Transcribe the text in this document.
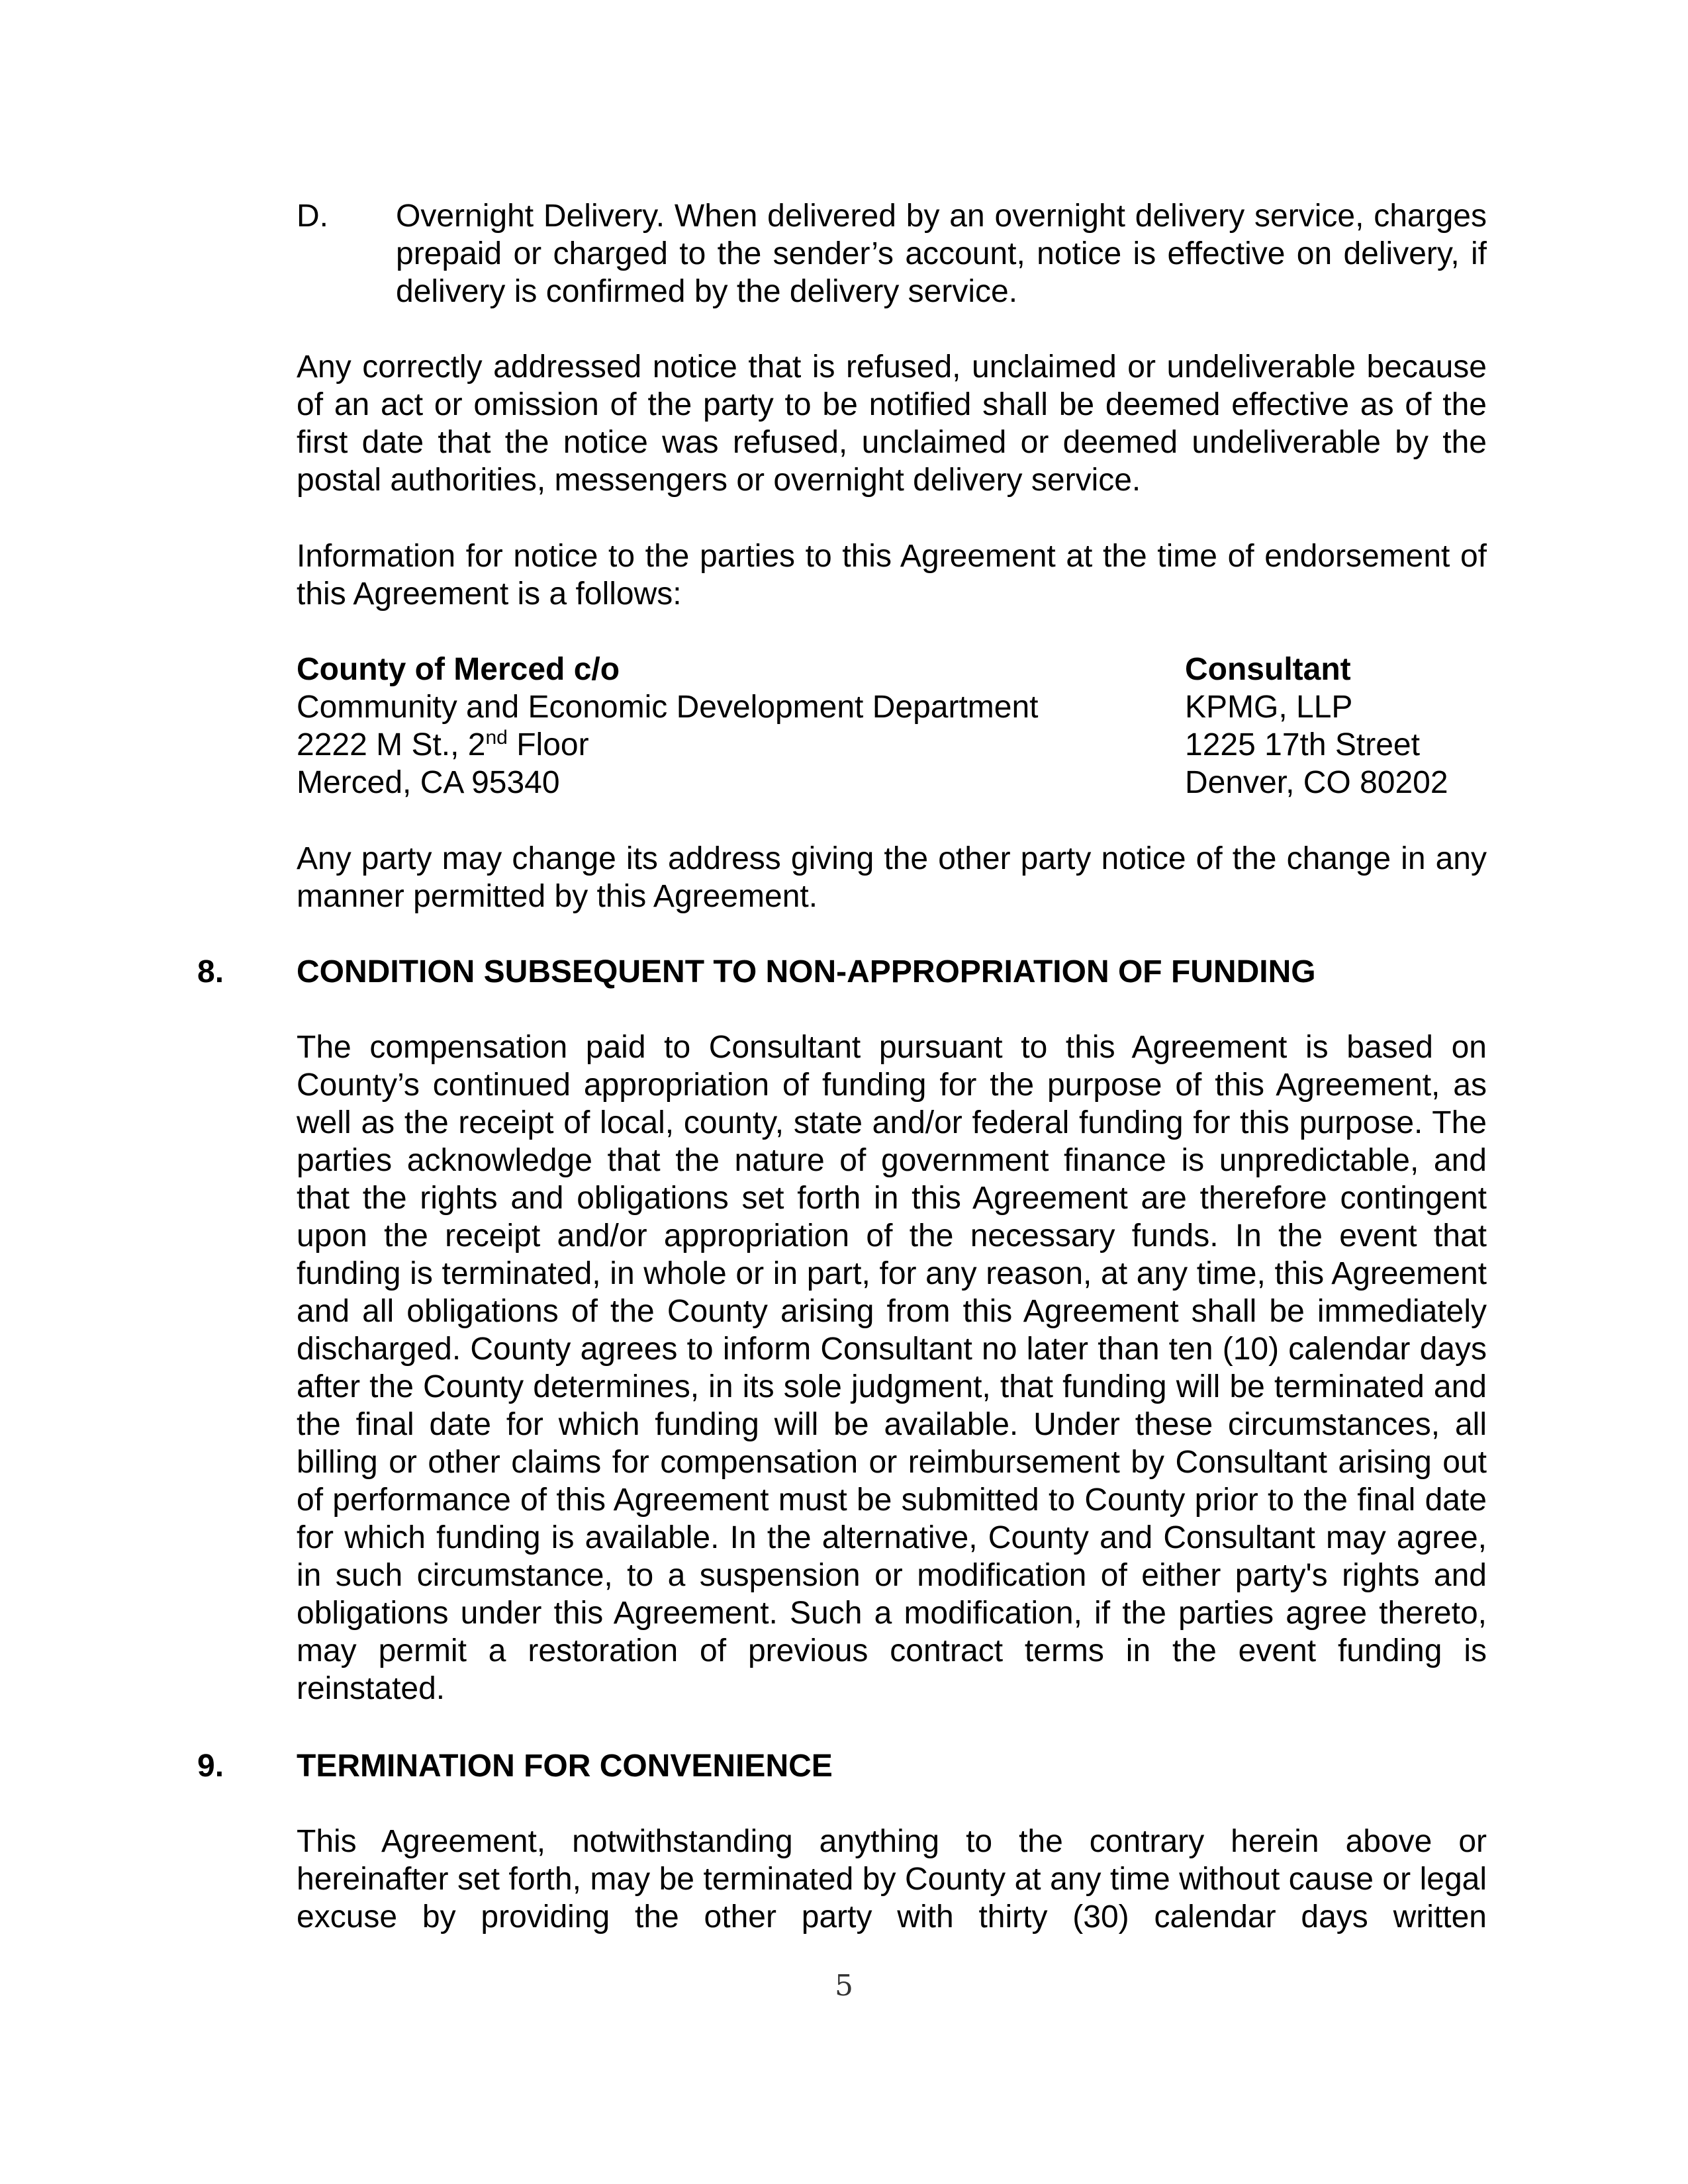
D. Overnight Delivery. When delivered by an overnight delivery service, charges prepaid or charged to the sender’s account, notice is effective on delivery, if delivery is confirmed by the delivery service.

Any correctly addressed notice that is refused, unclaimed or undeliverable because of an act or omission of the party to be notified shall be deemed effective as of the first date that the notice was refused, unclaimed or deemed undeliverable by the postal authorities, messengers or overnight delivery service.

Information for notice to the parties to this Agreement at the time of endorsement of this Agreement is a follows:

County of Merced c/o
Community and Economic Development Department
2222 M St., 2nd Floor
Merced, CA 95340
Consultant
KPMG, LLP
1225 17th Street
Denver, CO 80202

Any party may change its address giving the other party notice of the change in any manner permitted by this Agreement.

8. CONDITION SUBSEQUENT TO NON-APPROPRIATION OF FUNDING

The compensation paid to Consultant pursuant to this Agreement is based on County’s continued appropriation of funding for the purpose of this Agreement, as well as the receipt of local, county, state and/or federal funding for this purpose. The parties acknowledge that the nature of government finance is unpredictable, and that the rights and obligations set forth in this Agreement are therefore contingent upon the receipt and/or appropriation of the necessary funds. In the event that funding is terminated, in whole or in part, for any reason, at any time, this Agreement and all obligations of the County arising from this Agreement shall be immediately discharged. County agrees to inform Consultant no later than ten (10) calendar days after the County determines, in its sole judgment, that funding will be terminated and the final date for which funding will be available. Under these circumstances, all billing or other claims for compensation or reimbursement by Consultant arising out of performance of this Agreement must be submitted to County prior to the final date for which funding is available. In the alternative, County and Consultant may agree, in such circumstance, to a suspension or modification of either party's rights and obligations under this Agreement. Such a modification, if the parties agree thereto, may permit a restoration of previous contract terms in the event funding is reinstated.

9. TERMINATION FOR CONVENIENCE

This Agreement, notwithstanding anything to the contrary herein above or hereinafter set forth, may be terminated by County at any time without cause or legal excuse by providing the other party with thirty (30) calendar days written

5
